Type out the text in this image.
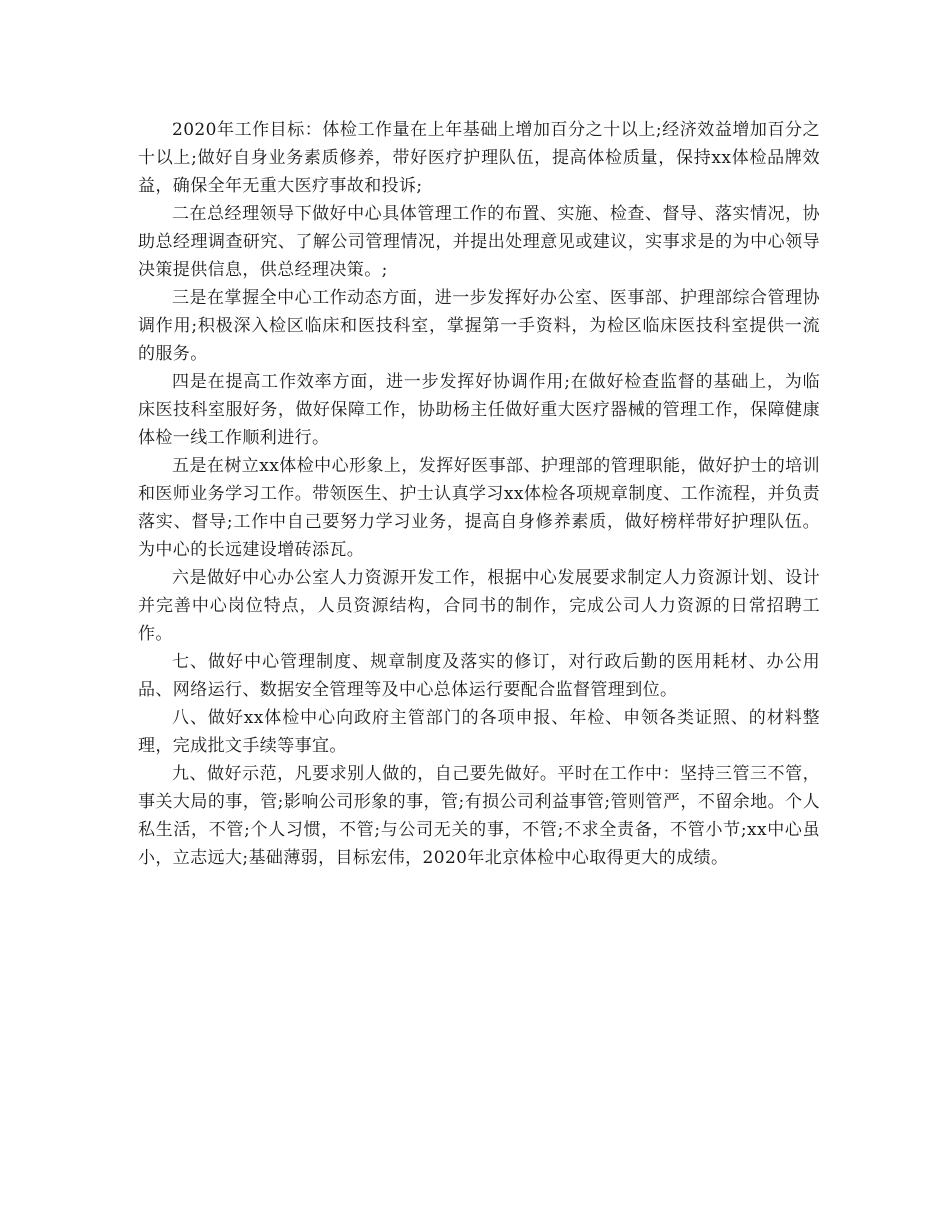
2020年工作目标：体检工作量在上年基础上增加百分之十以上;经济效益增加百分之十以上;做好自身业务素质修养，带好医疗护理队伍，提高体检质量，保持xx体检品牌效益，确保全年无重大医疗事故和投诉;

二在总经理领导下做好中心具体管理工作的布置、实施、检查、督导、落实情况，协助总经理调查研究、了解公司管理情况，并提出处理意见或建议，实事求是的为中心领导决策提供信息，供总经理决策。;

三是在掌握全中心工作动态方面，进一步发挥好办公室、医事部、护理部综合管理协调作用;积极深入检区临床和医技科室，掌握第一手资料，为检区临床医技科室提供一流的服务。

四是在提高工作效率方面，进一步发挥好协调作用;在做好检查监督的基础上，为临床医技科室服好务，做好保障工作，协助杨主任做好重大医疗器械的管理工作，保障健康体检一线工作顺利进行。

五是在树立xx体检中心形象上，发挥好医事部、护理部的管理职能，做好护士的培训和医师业务学习工作。带领医生、护士认真学习xx体检各项规章制度、工作流程，并负责落实、督导;工作中自己要努力学习业务，提高自身修养素质，做好榜样带好护理队伍。为中心的长远建设增砖添瓦。

六是做好中心办公室人力资源开发工作，根据中心发展要求制定人力资源计划、设计并完善中心岗位特点，人员资源结构，合同书的制作，完成公司人力资源的日常招聘工作。

七、做好中心管理制度、规章制度及落实的修订，对行政后勤的医用耗材、办公用品、网络运行、数据安全管理等及中心总体运行要配合监督管理到位。

八、做好xx体检中心向政府主管部门的各项申报、年检、申领各类证照、的材料整理，完成批文手续等事宜。

九、做好示范，凡要求别人做的，自己要先做好。平时在工作中：坚持三管三不管，事关大局的事，管;影响公司形象的事，管;有损公司利益事管;管则管严，不留余地。个人私生活，不管;个人习惯，不管;与公司无关的事，不管;不求全责备，不管小节;xx中心虽小，立志远大;基础薄弱，目标宏伟，2020年北京体检中心取得更大的成绩。
